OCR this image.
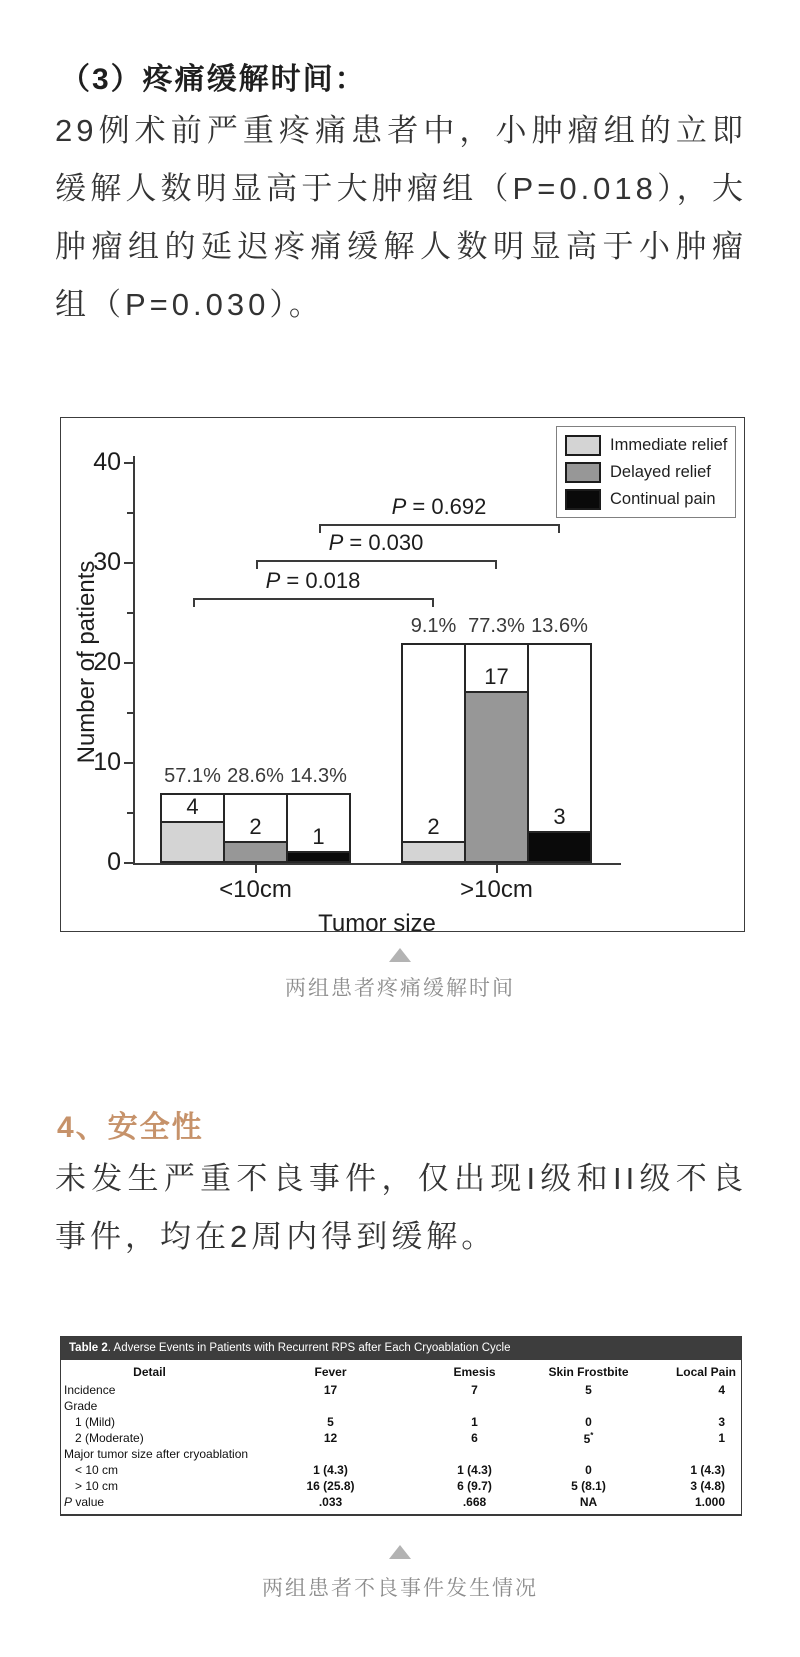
（3）疼痛缓解时间：
29例术前严重疼痛患者中，小肿瘤组的立即缓解人数明显高于大肿瘤组（P=0.018），大肿瘤组的延迟疼痛缓解人数明显高于小肿瘤组（P=0.030）。
Number of patients
Tumor size
0
10
20
30
40
4
57.1%
2
28.6%
1
14.3%
<10cm
2
9.1%
17
77.3%
3
13.6%
>10cm
P = 0.018
P = 0.030
P = 0.692
Immediate relief
Delayed relief
Continual pain
两组患者疼痛缓解时间
4、安全性
未发生严重不良事件，仅出现I级和II级不良事件，均在2周内得到缓解。
Table 2. Adverse Events in Patients with Recurrent RPS after Each Cryoablation Cycle
Detail	Fever	Emesis	Skin Frostbite	Local Pain
Incidence	17	7	5	4
Grade
1 (Mild)	5	1	0	3
2 (Moderate)	12	6	5*	1
Major tumor size after cryoablation
< 10 cm	1 (4.3)	1 (4.3)	0	1 (4.3)
> 10 cm	16 (25.8)	6 (9.7)	5 (8.1)	3 (4.8)
P value	.033	.668	NA	1.000
两组患者不良事件发生情况
